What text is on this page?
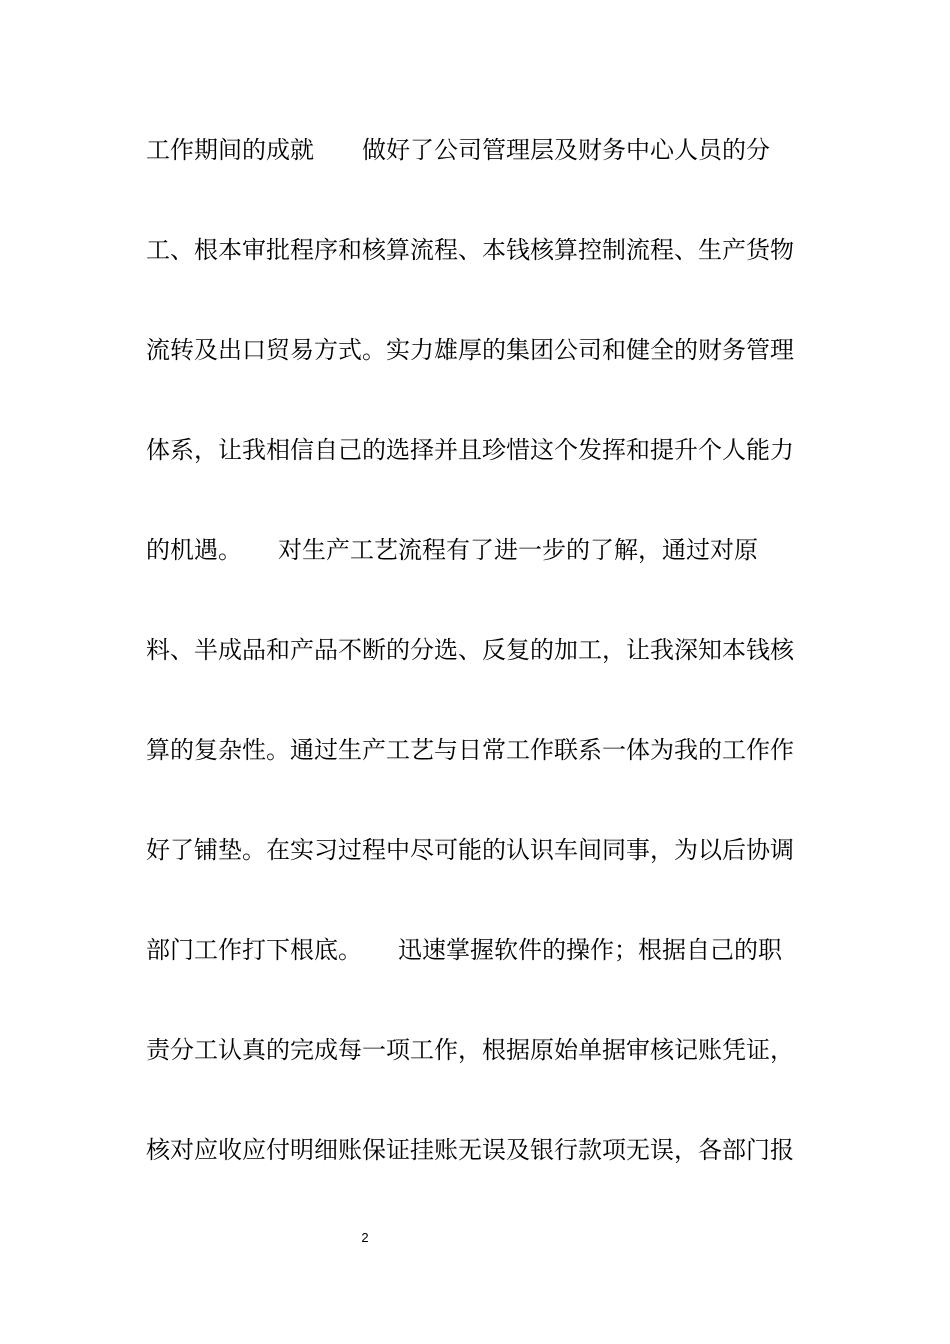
工作期间的成就　　做好了公司管理层及财务中心人员的分
工、根本审批程序和核算流程、本钱核算控制流程、生产货物
流转及出口贸易方式。实力雄厚的集团公司和健全的财务管理
体系，让我相信自己的选择并且珍惜这个发挥和提升个人能力
的机遇。　　对生产工艺流程有了进一步的了解，通过对原
料、半成品和产品不断的分选、反复的加工，让我深知本钱核
算的复杂性。通过生产工艺与日常工作联系一体为我的工作作
好了铺垫。在实习过程中尽可能的认识车间同事，为以后协调
部门工作打下根底。　　迅速掌握软件的操作；根据自己的职
责分工认真的完成每一项工作，根据原始单据审核记账凭证，
核对应收应付明细账保证挂账无误及银行款项无误，各部门报
2
